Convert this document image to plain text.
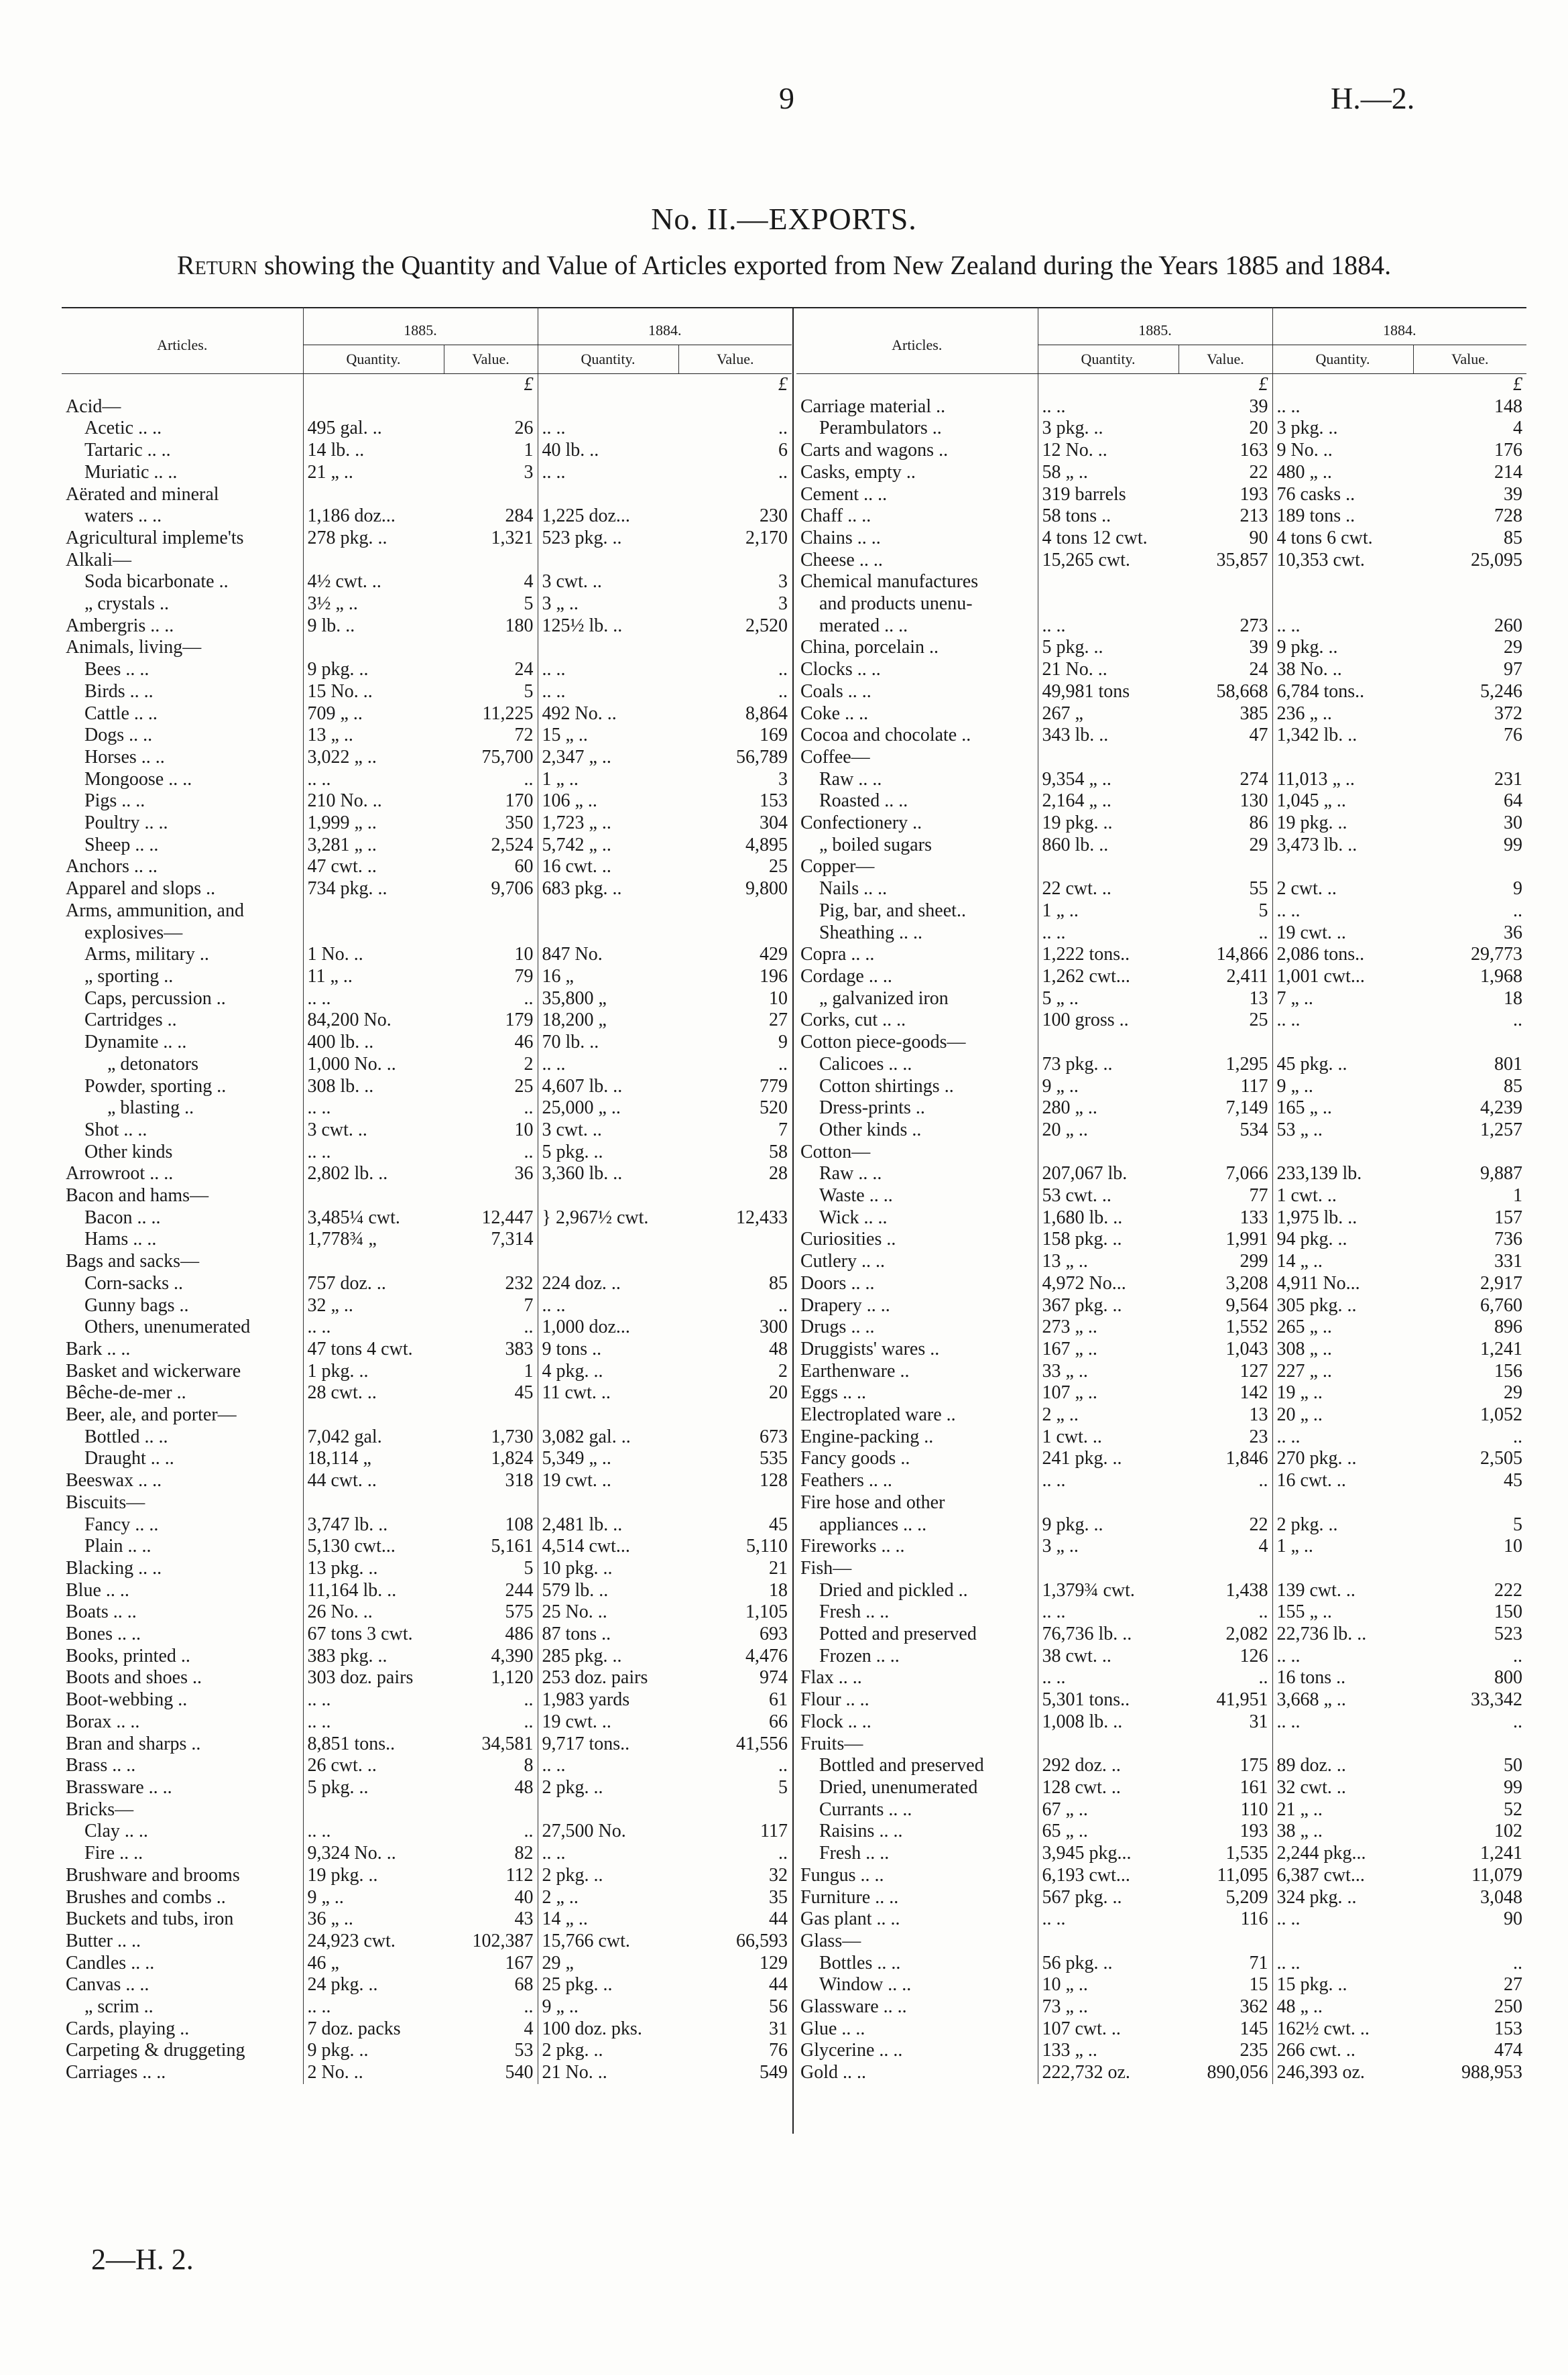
9	H.—2.
No. II.—EXPORTS.
Return showing the Quantity and Value of Articles exported from New Zealand during the Years 1885 and 1884.
Articles.	1885.		1884.	
	Quantity.	Value.	Quantity.	Value.
		£		£
Acid—				
Acetic .. ..	495 gal. ..	26	.. ..	..
Tartaric .. ..	14 lb. ..	1	40 lb. ..	6
Muriatic .. ..	21 „ ..	3	.. ..	..
Aërated and mineral				
waters .. ..	1,186 doz...	284	1,225 doz...	230
Agricultural impleme'ts	278 pkg. ..	1,321	523 pkg. ..	2,170
Alkali—				
Soda bicarbonate ..	4½ cwt. ..	4	3 cwt. ..	3
„ crystals ..	3½ „ ..	5	3 „ ..	3
Ambergris .. ..	9 lb. ..	180	125½ lb. ..	2,520
Animals, living—				
Bees .. ..	9 pkg. ..	24	.. ..	..
Birds .. ..	15 No. ..	5	.. ..	..
Cattle .. ..	709 „ ..	11,225	492 No. ..	8,864
Dogs .. ..	13 „ ..	72	15 „ ..	169
Horses .. ..	3,022 „ ..	75,700	2,347 „ ..	56,789
Mongoose .. ..	.. ..	..	1 „ ..	3
Pigs .. ..	210 No. ..	170	106 „ ..	153
Poultry .. ..	1,999 „ ..	350	1,723 „ ..	304
Sheep .. ..	3,281 „ ..	2,524	5,742 „ ..	4,895
Anchors .. ..	47 cwt. ..	60	16 cwt. ..	25
Apparel and slops ..	734 pkg. ..	9,706	683 pkg. ..	9,800
Arms, ammunition, and				
explosives—				
Arms, military ..	1 No. ..	10	847 No.	429
„ sporting ..	11 „ ..	79	16 „	196
Caps, percussion ..	.. ..	..	35,800 „	10
Cartridges ..	84,200 No.	179	18,200 „	27
Dynamite .. ..	400 lb. ..	46	70 lb. ..	9
„ detonators	1,000 No. ..	2	.. ..	..
Powder, sporting ..	308 lb. ..	25	4,607 lb. ..	779
„ blasting ..	.. ..	..	25,000 „ ..	520
Shot .. ..	3 cwt. ..	10	3 cwt. ..	7
Other kinds	.. ..	..	5 pkg. ..	58
Arrowroot .. ..	2,802 lb. ..	36	3,360 lb. ..	28
Bacon and hams—				
Bacon .. ..	3,485¼ cwt.	12,447	} 2,967½ cwt.	12,433
Hams .. ..	1,778¾ „	7,314		
Bags and sacks—				
Corn-sacks ..	757 doz. ..	232	224 doz. ..	85
Gunny bags ..	32 „ ..	7	.. ..	..
Others, unenumerated	.. ..	..	1,000 doz...	300
Bark .. ..	47 tons 4 cwt.	383	9 tons ..	48
Basket and wickerware	1 pkg. ..	1	4 pkg. ..	2
Bêche-de-mer ..	28 cwt. ..	45	11 cwt. ..	20
Beer, ale, and porter—				
Bottled .. ..	7,042 gal.	1,730	3,082 gal. ..	673
Draught .. ..	18,114 „	1,824	5,349 „ ..	535
Beeswax .. ..	44 cwt. ..	318	19 cwt. ..	128
Biscuits—				
Fancy .. ..	3,747 lb. ..	108	2,481 lb. ..	45
Plain .. ..	5,130 cwt...	5,161	4,514 cwt...	5,110
Blacking .. ..	13 pkg. ..	5	10 pkg. ..	21
Blue .. ..	11,164 lb. ..	244	579 lb. ..	18
Boats .. ..	26 No. ..	575	25 No. ..	1,105
Bones .. ..	67 tons 3 cwt.	486	87 tons ..	693
Books, printed ..	383 pkg. ..	4,390	285 pkg. ..	4,476
Boots and shoes ..	303 doz. pairs	1,120	253 doz. pairs	974
Boot-webbing ..	.. ..	..	1,983 yards	61
Borax .. ..	.. ..	..	19 cwt. ..	66
Bran and sharps ..	8,851 tons..	34,581	9,717 tons..	41,556
Brass .. ..	26 cwt. ..	8	.. ..	..
Brassware .. ..	5 pkg. ..	48	2 pkg. ..	5
Bricks—				
Clay .. ..	.. ..	..	27,500 No.	117
Fire .. ..	9,324 No. ..	82	.. ..	..
Brushware and brooms	19 pkg. ..	112	2 pkg. ..	32
Brushes and combs ..	9 „ ..	40	2 „ ..	35
Buckets and tubs, iron	36 „ ..	43	14 „ ..	44
Butter .. ..	24,923 cwt.	102,387	15,766 cwt.	66,593
Candles .. ..	46 „	167	29 „	129
Canvas .. ..	24 pkg. ..	68	25 pkg. ..	44
„ scrim ..	.. ..	..	9 „ ..	56
Cards, playing ..	7 doz. packs	4	100 doz. pks.	31
Carpeting & druggeting	9 pkg. ..	53	2 pkg. ..	76
Carriages .. ..	2 No. ..	540	21 No. ..	549
Articles.	1885.		1884.	
	Quantity.	Value.	Quantity.	Value.
		£		£
Carriage material ..	.. ..	39	.. ..	148
Perambulators ..	3 pkg. ..	20	3 pkg. ..	4
Carts and wagons ..	12 No. ..	163	9 No. ..	176
Casks, empty ..	58 „ ..	22	480 „ ..	214
Cement .. ..	319 barrels	193	76 casks ..	39
Chaff .. ..	58 tons ..	213	189 tons ..	728
Chains .. ..	4 tons 12 cwt.	90	4 tons 6 cwt.	85
Cheese .. ..	15,265 cwt.	35,857	10,353 cwt.	25,095
Chemical manufactures				
and products unenu-				
merated .. ..	.. ..	273	.. ..	260
China, porcelain ..	5 pkg. ..	39	9 pkg. ..	29
Clocks .. ..	21 No. ..	24	38 No. ..	97
Coals .. ..	49,981 tons	58,668	6,784 tons..	5,246
Coke .. ..	267 „	385	236 „ ..	372
Cocoa and chocolate ..	343 lb. ..	47	1,342 lb. ..	76
Coffee—				
Raw .. ..	9,354 „ ..	274	11,013 „ ..	231
Roasted .. ..	2,164 „ ..	130	1,045 „ ..	64
Confectionery ..	19 pkg. ..	86	19 pkg. ..	30
„ boiled sugars	860 lb. ..	29	3,473 lb. ..	99
Copper—				
Nails .. ..	22 cwt. ..	55	2 cwt. ..	9
Pig, bar, and sheet..	1 „ ..	5	.. ..	..
Sheathing .. ..	.. ..	..	19 cwt. ..	36
Copra .. ..	1,222 tons..	14,866	2,086 tons..	29,773
Cordage .. ..	1,262 cwt...	2,411	1,001 cwt...	1,968
„ galvanized iron	5 „ ..	13	7 „ ..	18
Corks, cut .. ..	100 gross ..	25	.. ..	..
Cotton piece-goods—				
Calicoes .. ..	73 pkg. ..	1,295	45 pkg. ..	801
Cotton shirtings ..	9 „ ..	117	9 „ ..	85
Dress-prints ..	280 „ ..	7,149	165 „ ..	4,239
Other kinds ..	20 „ ..	534	53 „ ..	1,257
Cotton—				
Raw .. ..	207,067 lb.	7,066	233,139 lb.	9,887
Waste .. ..	53 cwt. ..	77	1 cwt. ..	1
Wick .. ..	1,680 lb. ..	133	1,975 lb. ..	157
Curiosities ..	158 pkg. ..	1,991	94 pkg. ..	736
Cutlery .. ..	13 „ ..	299	14 „ ..	331
Doors .. ..	4,972 No...	3,208	4,911 No...	2,917
Drapery .. ..	367 pkg. ..	9,564	305 pkg. ..	6,760
Drugs .. ..	273 „ ..	1,552	265 „ ..	896
Druggists' wares ..	167 „ ..	1,043	308 „ ..	1,241
Earthenware ..	33 „ ..	127	227 „ ..	156
Eggs .. ..	107 „ ..	142	19 „ ..	29
Electroplated ware ..	2 „ ..	13	20 „ ..	1,052
Engine-packing ..	1 cwt. ..	23	.. ..	..
Fancy goods ..	241 pkg. ..	1,846	270 pkg. ..	2,505
Feathers .. ..	.. ..	..	16 cwt. ..	45
Fire hose and other				
appliances .. ..	9 pkg. ..	22	2 pkg. ..	5
Fireworks .. ..	3 „ ..	4	1 „ ..	10
Fish—				
Dried and pickled ..	1,379¾ cwt.	1,438	139 cwt. ..	222
Fresh .. ..	.. ..	..	155 „ ..	150
Potted and preserved	76,736 lb. ..	2,082	22,736 lb. ..	523
Frozen .. ..	38 cwt. ..	126	.. ..	..
Flax .. ..	.. ..	..	16 tons ..	800
Flour .. ..	5,301 tons..	41,951	3,668 „ ..	33,342
Flock .. ..	1,008 lb. ..	31	.. ..	..
Fruits—				
Bottled and preserved	292 doz. ..	175	89 doz. ..	50
Dried, unenumerated	128 cwt. ..	161	32 cwt. ..	99
Currants .. ..	67 „ ..	110	21 „ ..	52
Raisins .. ..	65 „ ..	193	38 „ ..	102
Fresh .. ..	3,945 pkg...	1,535	2,244 pkg...	1,241
Fungus .. ..	6,193 cwt...	11,095	6,387 cwt...	11,079
Furniture .. ..	567 pkg. ..	5,209	324 pkg. ..	3,048
Gas plant .. ..	.. ..	116	.. ..	90
Glass—				
Bottles .. ..	56 pkg. ..	71	.. ..	..
Window .. ..	10 „ ..	15	15 pkg. ..	27
Glassware .. ..	73 „ ..	362	48 „ ..	250
Glue .. ..	107 cwt. ..	145	162½ cwt. ..	153
Glycerine .. ..	133 „ ..	235	266 cwt. ..	474
Gold .. ..	222,732 oz.	890,056	246,393 oz.	988,953
2—H. 2.
